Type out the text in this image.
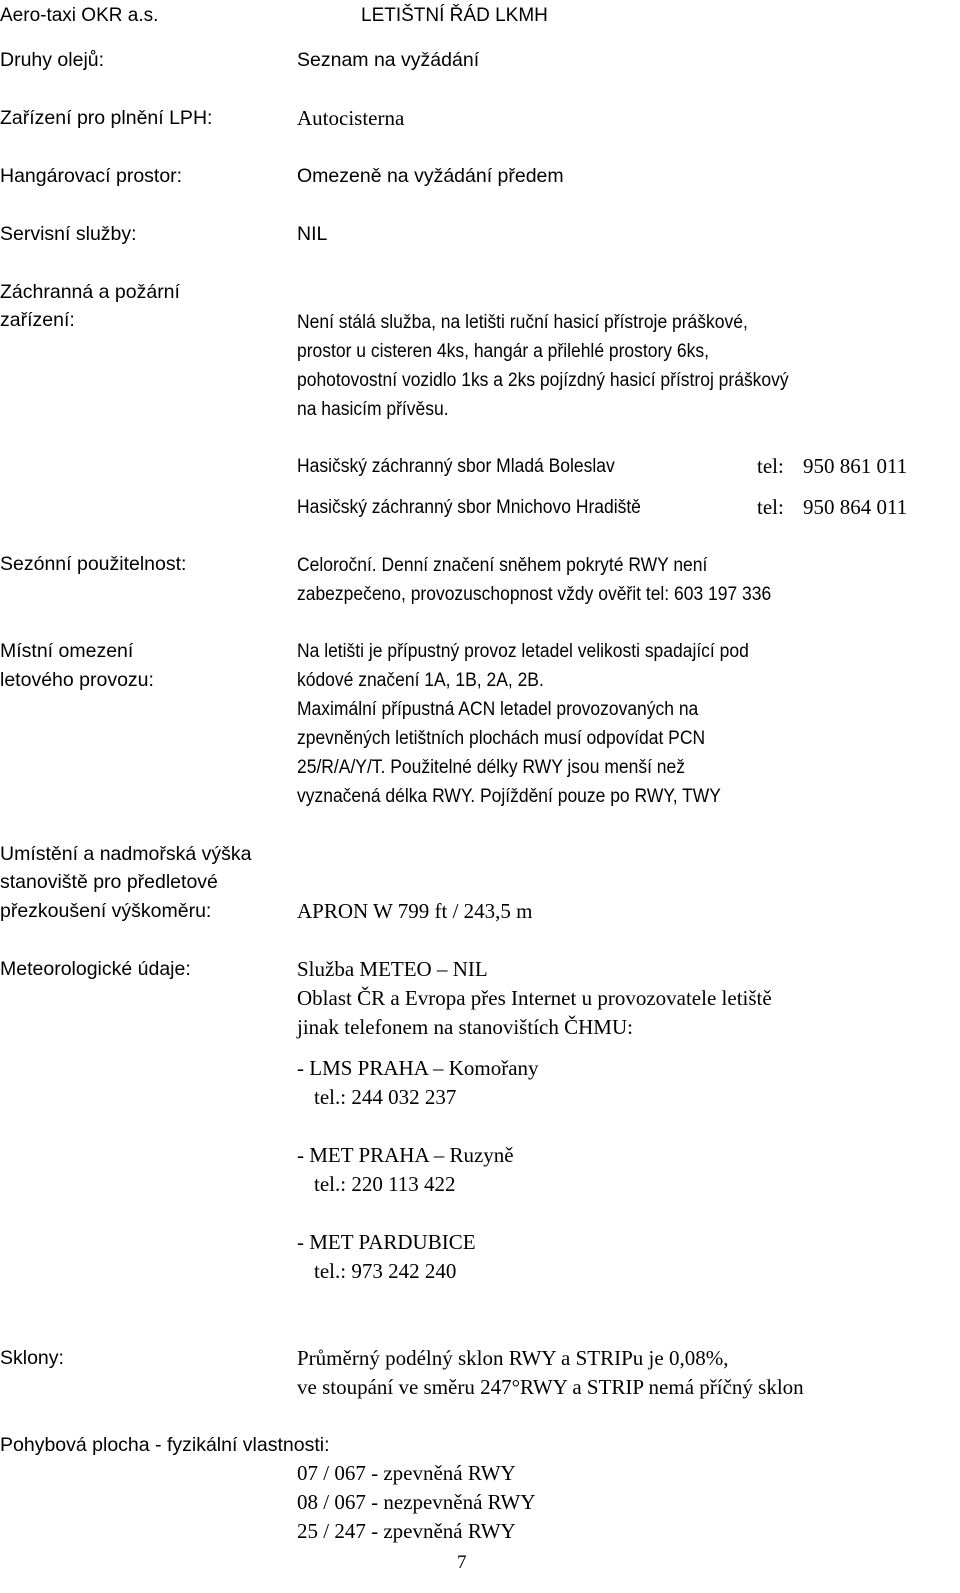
Aero-taxi OKR a.s.	LETIŠTNÍ ŘÁD LKMH
Druhy olejů:	Seznam na vyžádání
Zařízení pro plnění LPH:	Autocisterna
Hangárovací prostor:	Omezeně na vyžádání předem
Servisní služby:	NIL
Záchranná a požární
zařízení:	Není stálá služba, na letišti ruční hasicí přístroje práškové,
prostor u cisteren 4ks, hangár a přilehlé prostory 6ks,
pohotovostní vozidlo 1ks a 2ks pojízdný hasicí přístroj práškový
na hasicím přívěsu.
Hasičský záchranný sbor Mladá Boleslav	tel: 950 861 011
Hasičský záchranný sbor Mnichovo Hradiště	tel: 950 864 011
Sezónní použitelnost:	Celoroční. Denní značení sněhem pokryté RWY není
zabezpečeno, provozuschopnost vždy ověřit tel: 603 197 336
Místní omezení
letového provozu:
Na letišti je přípustný provoz letadel velikosti spadající pod
kódové značení 1A, 1B, 2A, 2B.
Maximální přípustná ACN letadel provozovaných na
zpevněných letištních plochách musí odpovídat PCN
25/R/A/Y/T. Použitelné délky RWY jsou menší než
vyznačená délka RWY. Pojíždění pouze po RWY, TWY
Umístění a nadmořská výška
stanoviště pro předletové
přezkoušení výškoměru:	APRON W 799 ft / 243,5 m
Meteorologické údaje:	Služba METEO – NIL
Oblast ČR a Evropa přes Internet u provozovatele letiště
jinak telefonem na stanovištích ČHMU:
- LMS PRAHA – Komořany
tel.: 244 032 237
- MET PRAHA – Ruzyně
tel.: 220 113 422
- MET PARDUBICE
tel.: 973 242 240
Sklony:	Průměrný podélný sklon RWY a STRIPu je 0,08%,
ve stoupání ve směru 247°RWY a STRIP nemá příčný sklon
Pohybová plocha - fyzikální vlastnosti:
07 / 067 - zpevněná RWY
08 / 067 - nezpevněná RWY
25 / 247 - zpevněná RWY
7
